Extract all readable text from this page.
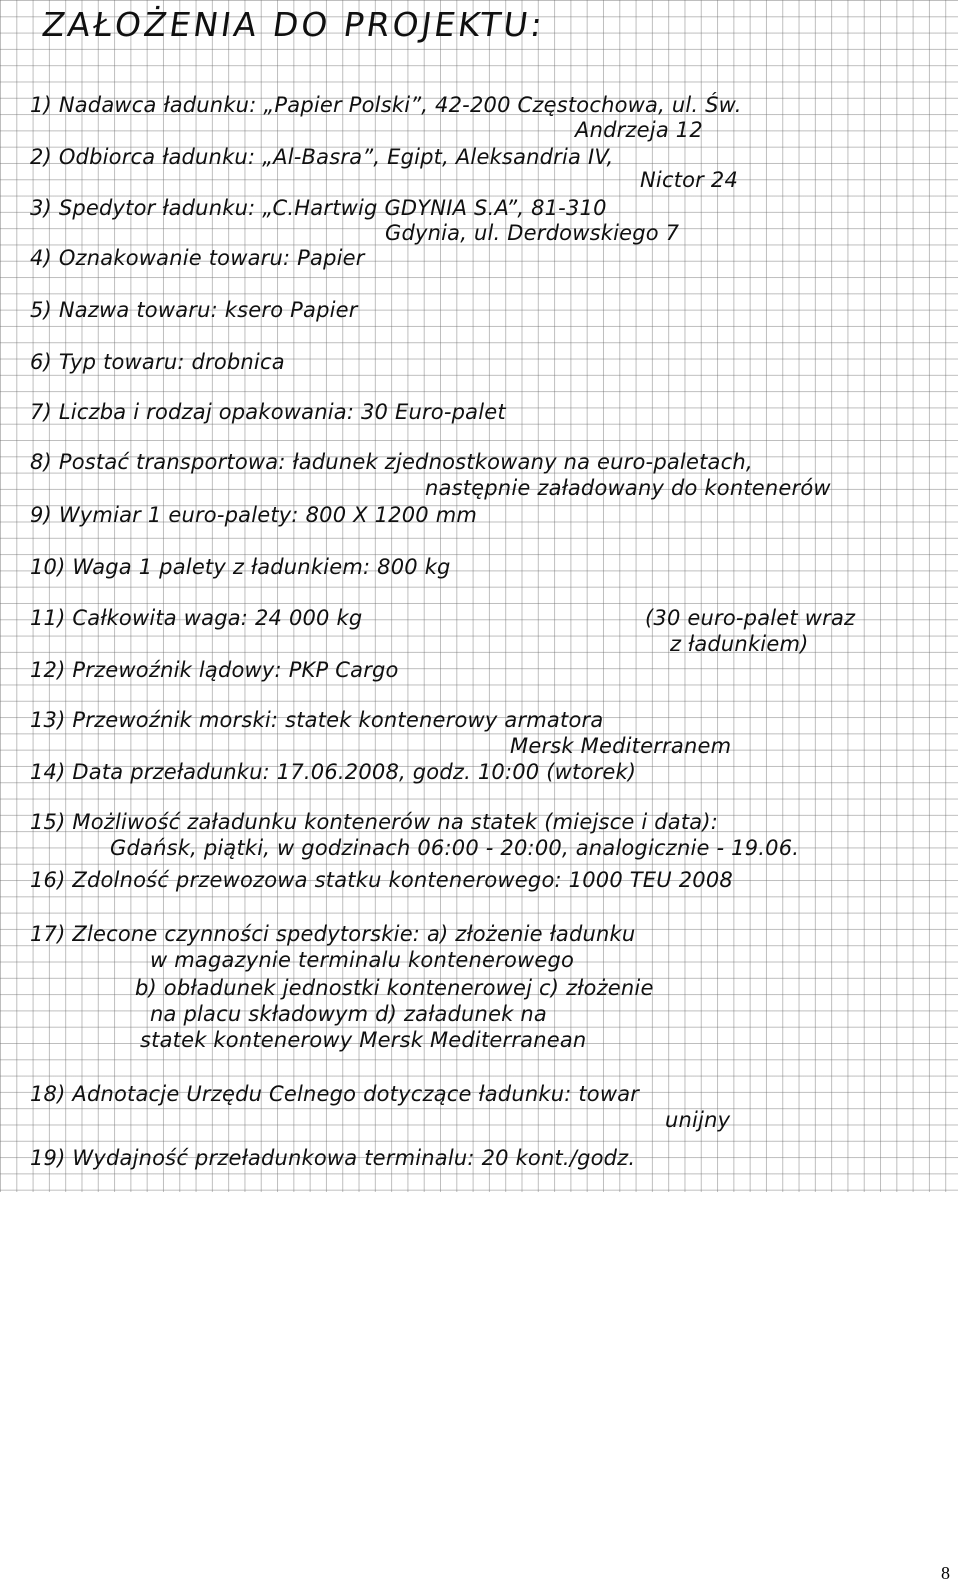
ZAŁOŻENIA DO PROJEKTU:

1) Nadawca ładunku: „Papier Polski”, 42-200 Częstochowa, ul. Św.

Andrzeja 12

2) Odbiorca ładunku: „Al-Basra”, Egipt, Aleksandria IV,

Nictor 24

3) Spedytor ładunku: „C.Hartwig GDYNIA S.A”, 81-310

Gdynia, ul. Derdowskiego 7

4) Oznakowanie towaru: Papier

5) Nazwa towaru: ksero Papier

6) Typ towaru: drobnica

7) Liczba i rodzaj opakowania: 30 Euro-palet

8) Postać transportowa: ładunek zjednostkowany na euro-paletach,

następnie załadowany do kontenerów

9) Wymiar 1 euro-palety: 800 X 1200 mm

10) Waga 1 palety z ładunkiem: 800 kg

11) Całkowita waga: 24 000 kg	(30 euro-palet wraz

z ładunkiem)

12) Przewoźnik lądowy: PKP Cargo

13) Przewoźnik morski: statek kontenerowy armatora

Mersk Mediterranem

14) Data przeładunku: 17.06.2008, godz. 10:00 (wtorek)

15) Możliwość załadunku kontenerów na statek (miejsce i data):

Gdańsk, piątki, w godzinach 06:00 - 20:00, analogicznie - 19.06.

16) Zdolność przewozowa statku kontenerowego: 1000 TEU 2008

17) Zlecone czynności spedytorskie: a) złożenie ładunku

w magazynie terminalu kontenerowego

b) obładunek jednostki kontenerowej c) złożenie

na placu składowym d) załadunek na

statek kontenerowy Mersk Mediterranean

18) Adnotacje Urzędu Celnego dotyczące ładunku: towar

unijny

19) Wydajność przeładunkowa terminalu: 20 kont./godz.

8
